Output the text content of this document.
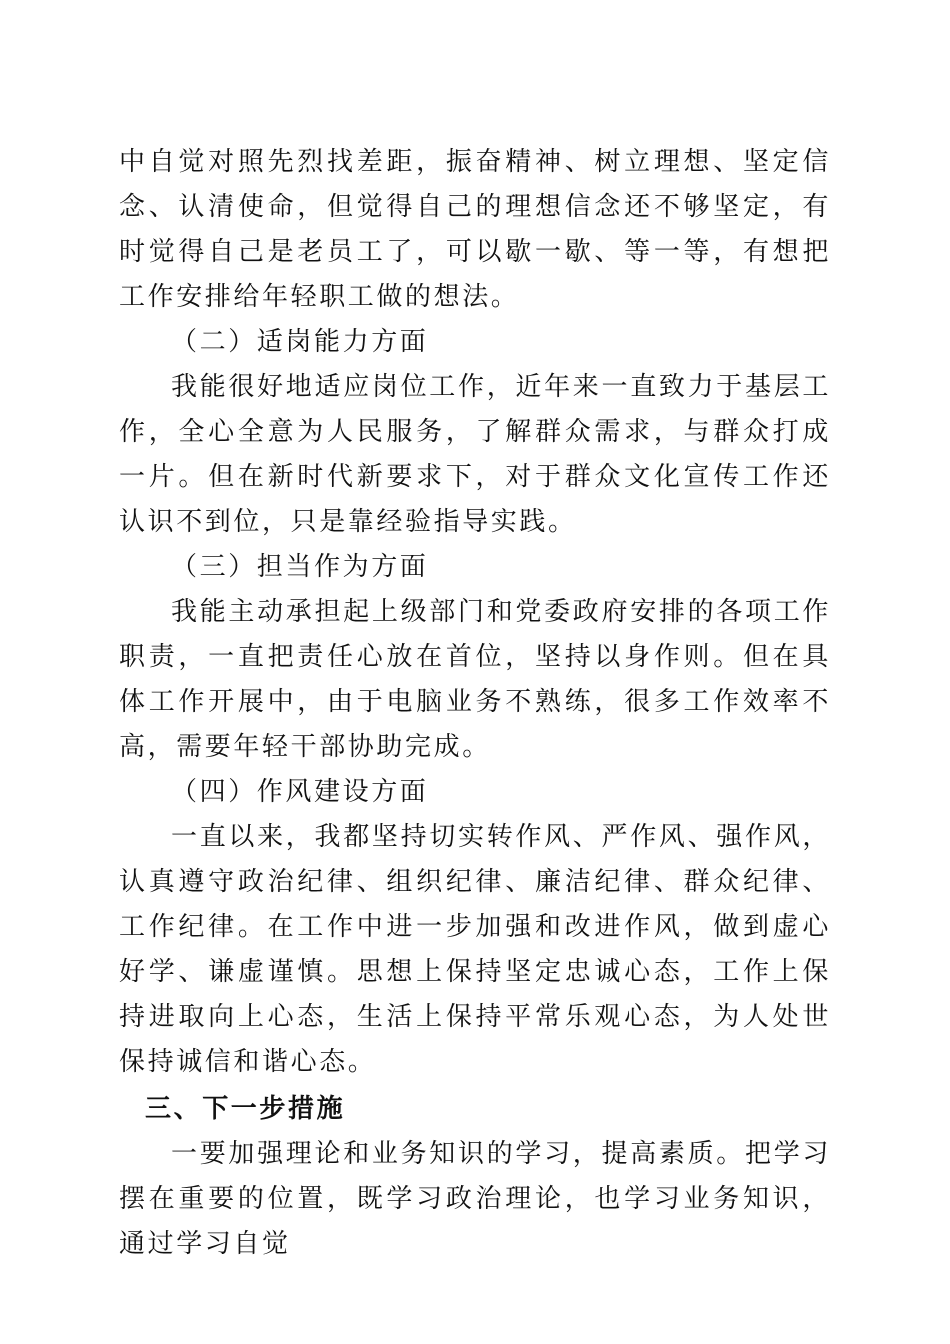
中自觉对照先烈找差距，振奋精神、树立理想、坚定信念、认清使命，但觉得自己的理想信念还不够坚定，有时觉得自己是老员工了，可以歇一歇、等一等，有想把工作安排给年轻职工做的想法。

（二）适岗能力方面

我能很好地适应岗位工作，近年来一直致力于基层工作，全心全意为人民服务，了解群众需求，与群众打成一片。但在新时代新要求下，对于群众文化宣传工作还认识不到位，只是靠经验指导实践。

（三）担当作为方面

我能主动承担起上级部门和党委政府安排的各项工作职责，一直把责任心放在首位，坚持以身作则。但在具体工作开展中，由于电脑业务不熟练，很多工作效率不高，需要年轻干部协助完成。

（四）作风建设方面

一直以来，我都坚持切实转作风、严作风、强作风，认真遵守政治纪律、组织纪律、廉洁纪律、群众纪律、工作纪律。在工作中进一步加强和改进作风，做到虚心好学、谦虚谨慎。思想上保持坚定忠诚心态，工作上保持进取向上心态，生活上保持平常乐观心态，为人处世保持诚信和谐心态。

三、下一步措施

一要加强理论和业务知识的学习，提高素质。把学习摆在重要的位置，既学习政治理论，也学习业务知识，通过学习自觉
